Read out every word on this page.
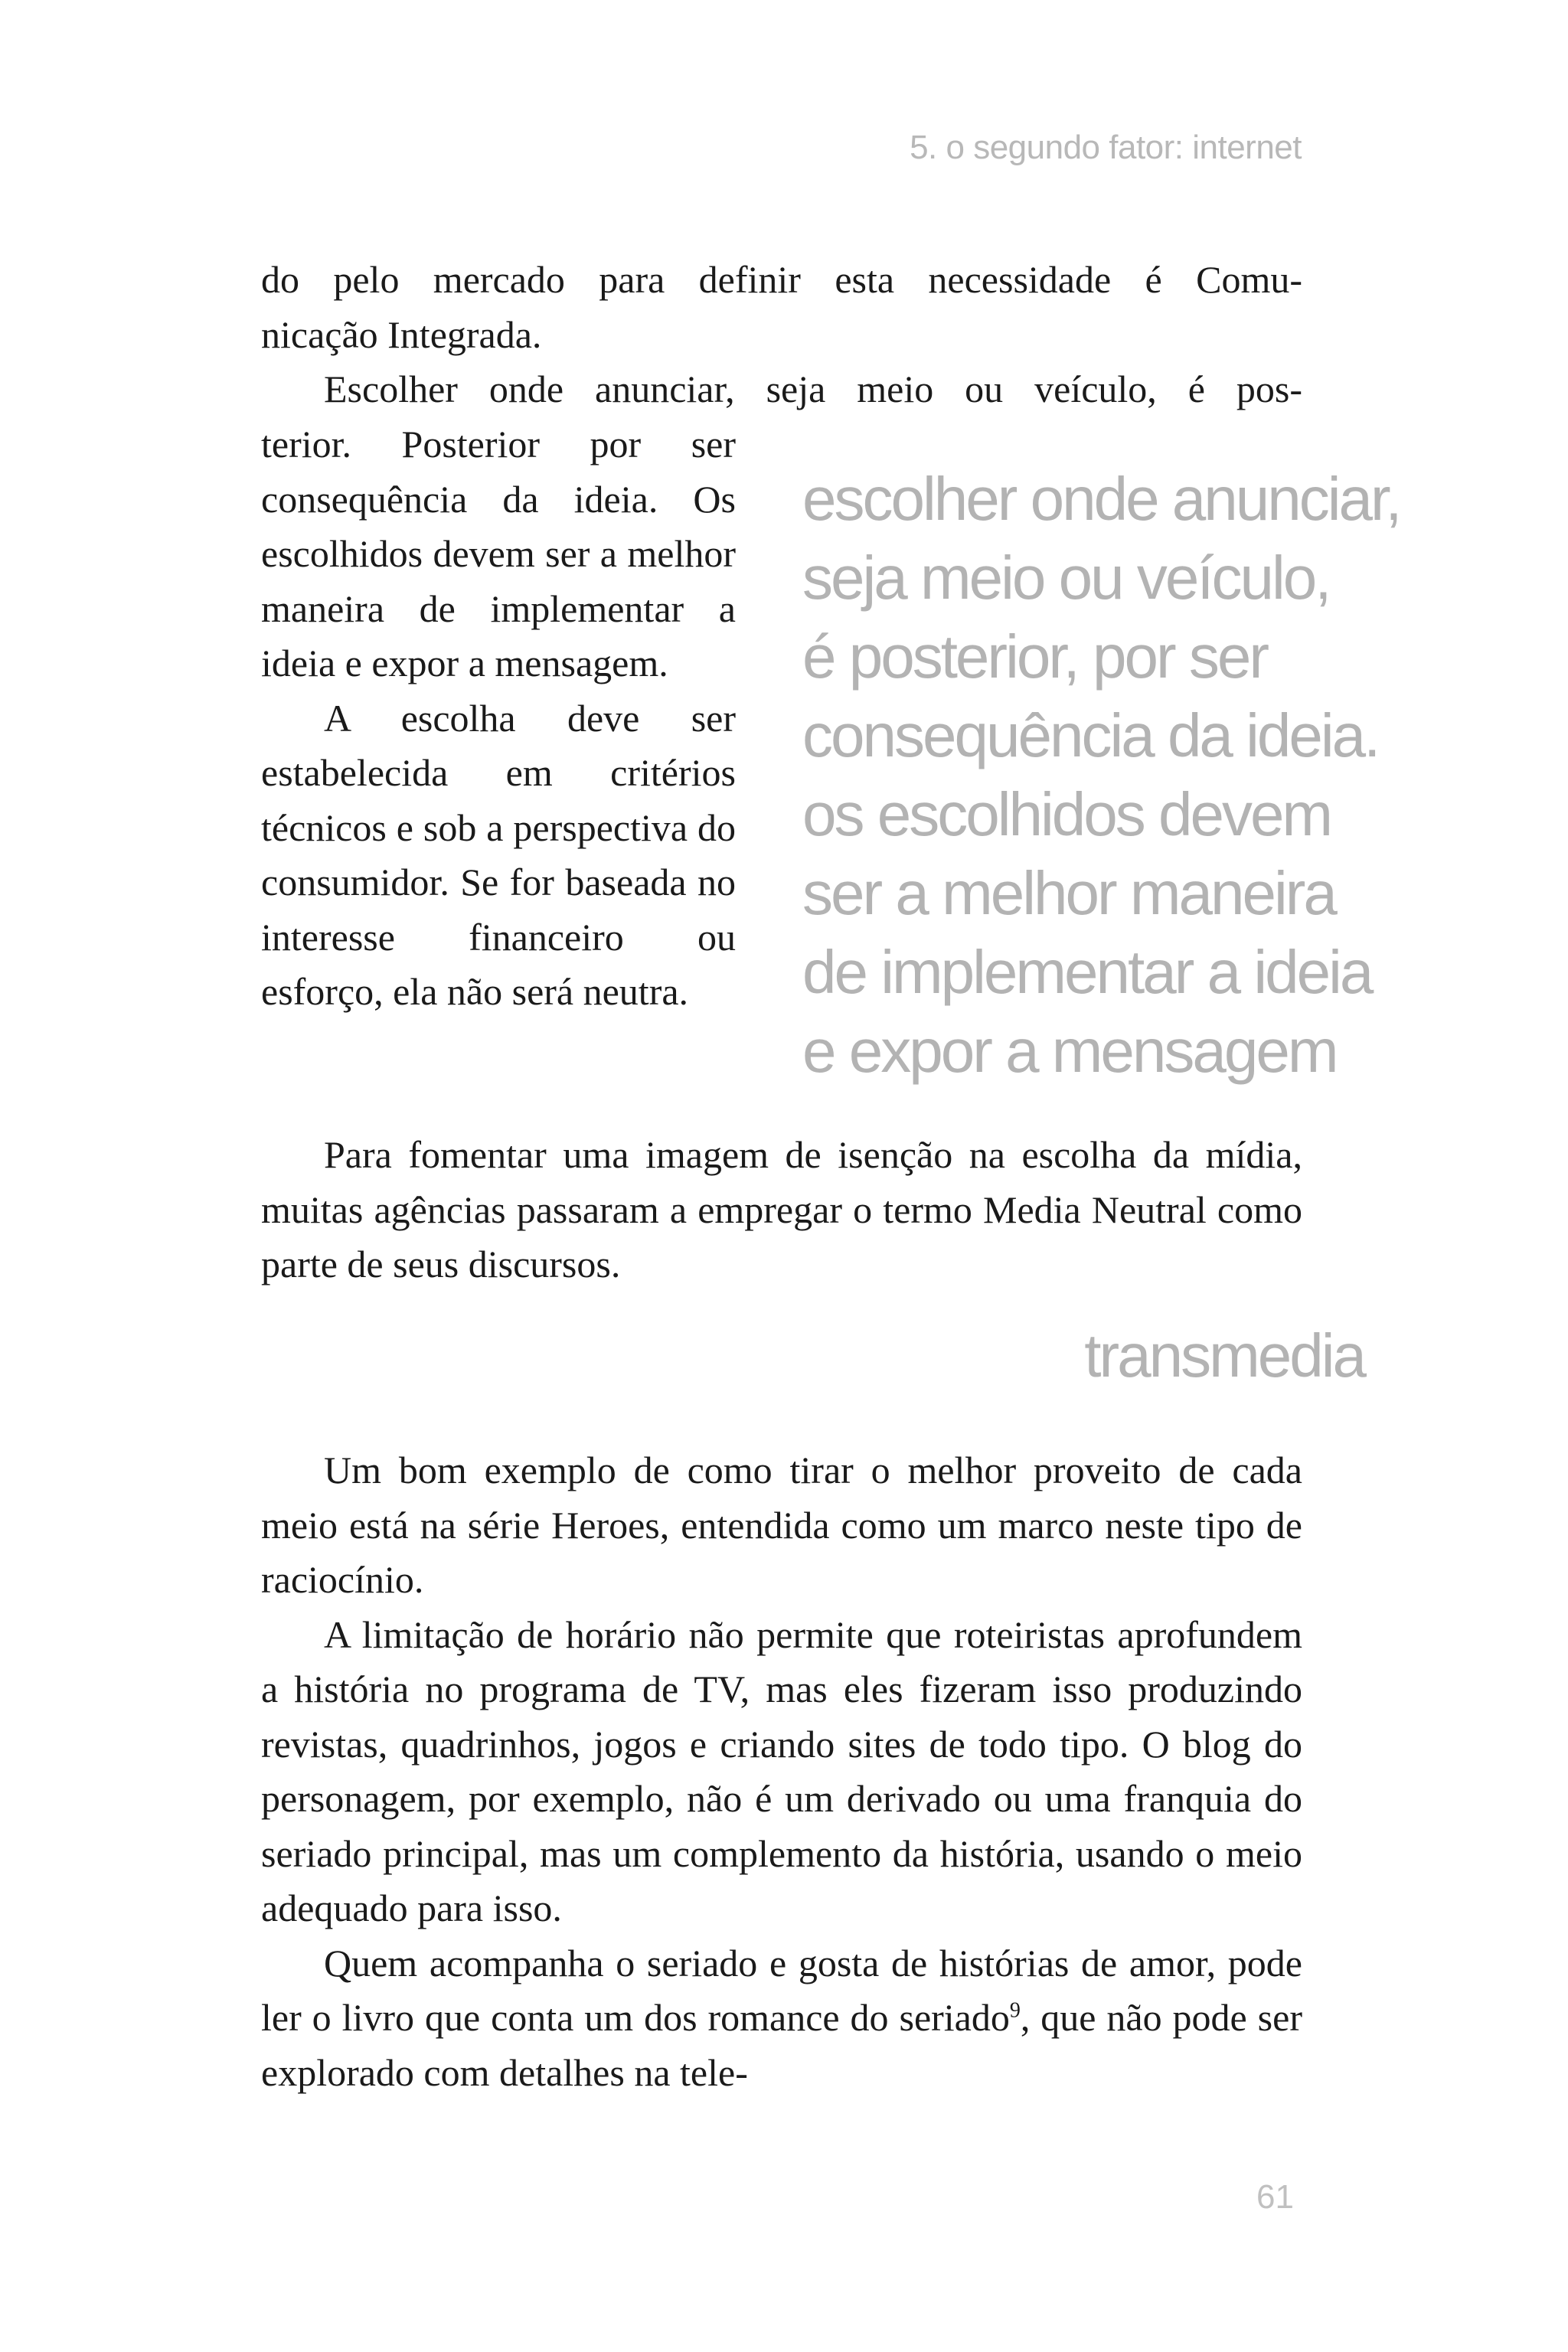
5. o segundo fator: internet

do pelo mercado para definir esta necessidade é Comu-
nicação Integrada.

Escolher onde anunciar, seja meio ou veículo, é pos-

terior. Posterior por ser consequência da ideia. Os escolhidos devem ser a melhor maneira de implementar a ideia e expor a mensagem.

A escolha deve ser estabelecida em critérios técnicos e sob a perspectiva do consumidor. Se for baseada no interesse financeiro ou esforço, ela não será neutra.

escolher onde anunciar,
seja meio ou veículo,
é posterior, por ser
consequência da ideia.
os escolhidos devem
ser a melhor maneira
de implementar a ideia
e expor a mensagem

Para fomentar uma imagem de isenção na escolha da mídia, muitas agências passaram a empregar o termo Media Neutral como parte de seus discursos.

transmedia

Um bom exemplo de como tirar o melhor proveito de cada meio está na série Heroes, entendida como um marco neste tipo de raciocínio.

A limitação de horário não permite que roteiristas aprofundem a história no programa de TV, mas eles fizeram isso produzindo revistas, quadrinhos, jogos e criando sites de todo tipo. O blog do personagem, por exemplo, não é um derivado ou uma franquia do seriado principal, mas um complemento da história, usando o meio adequado para isso.

Quem acompanha o seriado e gosta de histórias de amor, pode ler o livro que conta um dos romance do seriado$^9$, que não pode ser explorado com detalhes na tele-

61
